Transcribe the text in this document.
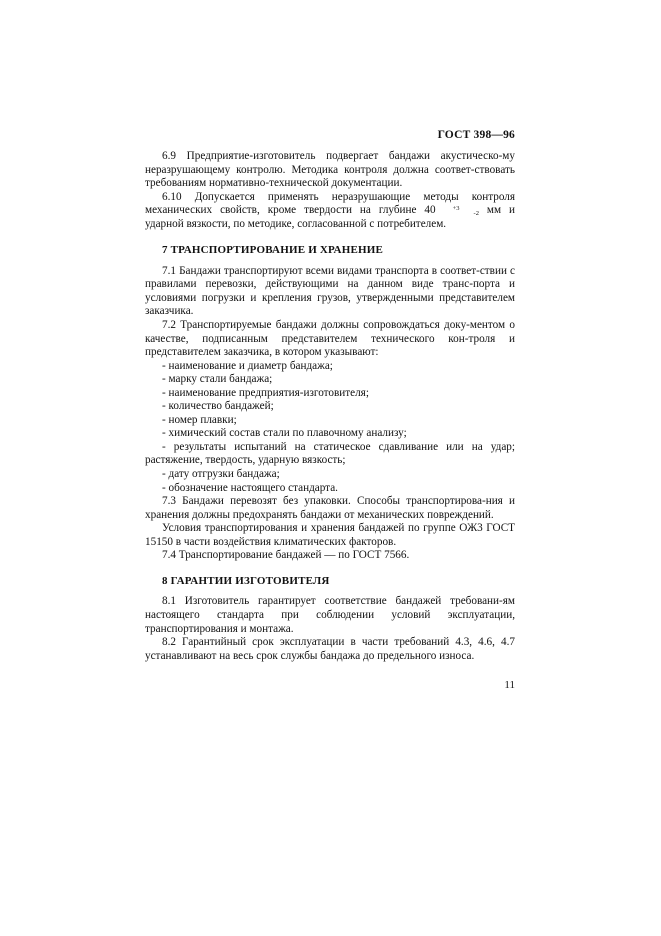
ГОСТ 398—96

6.9 Предприятие-изготовитель подвергает бандажи акустическо-му неразрушающему контролю. Методика контроля должна соответ-ствовать требованиям нормативно-технической документации.

6.10 Допускается применять неразрушающие методы контроля механических свойств, кроме твердости на глубине 40	+3-2 мм и ударной вязкости, по методике, согласованной с потребителем.

7 ТРАНСПОРТИРОВАНИЕ И ХРАНЕНИЕ

7.1 Бандажи транспортируют всеми видами транспорта в соответ-ствии с правилами перевозки, действующими на данном виде транс-порта и условиями погрузки и крепления грузов, утвержденными представителем заказчика.

7.2 Транспортируемые бандажи должны сопровождаться доку-ментом о качестве, подписанным представителем технического кон-троля и представителем заказчика, в котором указывают:

- наименование и диаметр бандажа;

- марку стали бандажа;

- наименование предприятия-изготовителя;

- количество бандажей;

- номер плавки;

- химический состав стали по плавочному анализу;

- результаты испытаний на статическое сдавливание или на удар; растяжение, твердость, ударную вязкость;

- дату отгрузки бандажа;

- обозначение настоящего стандарта.

7.3 Бандажи перевозят без упаковки. Способы транспортирова-ния и хранения должны предохранять бандажи от механических повреждений.

Условия транспортирования и хранения бандажей по группе ОЖ3 ГОСТ 15150 в части воздействия климатических факторов.

7.4 Транспортирование бандажей — по ГОСТ 7566.

8 ГАРАНТИИ ИЗГОТОВИТЕЛЯ

8.1 Изготовитель гарантирует соответствие бандажей требовани-ям настоящего стандарта при соблюдении условий эксплуатации, транспортирования и монтажа.

8.2 Гарантийный срок эксплуатации в части требований 4.3, 4.6, 4.7 устанавливают на весь срок службы бандажа до предельного износа.

11
